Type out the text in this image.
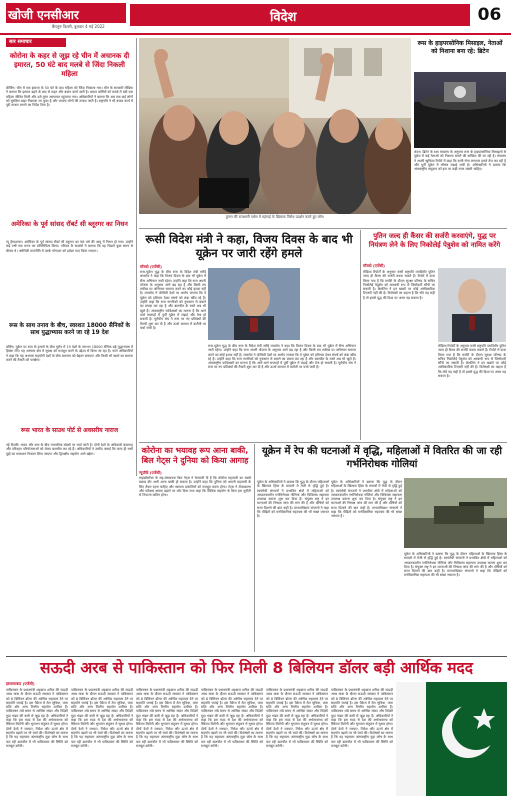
खोजी एनसीआर
बैंगलुरु दिल्ली, बुधवार 4 मई 2022
विदेश	06
सार समाचार
कोरोना के कहर से जूझ रहे चीन में अचानक दी इमारत, 50 घंटे बाद मलबे से जिंदा निकली महिला
बीजिंग। चीन में एक इमारत के 50 घंटे के बाद महिला को जिंदा निकाला गया। चीन के सरकारी मीडिया ने बताया कि इमारत ढहने के बाद से राहत और बचाव कार्य जारी है। बचाव कर्मियों को मलबे में दबी एक महिला जीवित मिली और उसे तुरंत अस्पताल पहुंचाया गया। अधिकारियों ने बताया कि अब तक कई लोगों को सुरक्षित बाहर निकाला जा चुका है और लापता लोगों की तलाश जारी है। राष्ट्रपति ने भी बचाव कार्य में पूरी ताकत लगाने का निर्देश दिया है।
अमेरिका के पूर्व सांसद रॉबर्ट सी ब्लूरगर का निधन
न्यू हैम्पशायर। अमेरिका के पूर्व सांसद रॉबर्ट सी ब्लूरगर का 98 वर्ष की आयु में निधन हो गया। उन्होंने कई वर्षों तक राज्य का प्रतिनिधित्व किया। परिवार के सदस्यों ने बताया कि वह पिछले कुछ समय से बीमार थे। अमेरिकी राजनीति में उनके योगदान को हमेशा याद किया जाएगा।
रूस के साथ तनाव के बीच, स्वरशत 18000 सैनिकों के साथ युद्धाभ्यास करने जा रहे 19 देश
बर्लिन। यूक्रेन पर रूस के हमलों के बीच यूरोप में 19 देशों के लगभग 18000 सैनिक बड़े युद्धाभ्यास में हिस्सा लेंगे। यह अभ्यास क्षेत्र में सुरक्षा को मजबूत करने के उद्देश्य से किया जा रहा है। नाटो अधिकारियों ने कहा कि यह अभ्यास सहयोगी देशों के बीच समन्वय को बेहतर बनाएगा और किसी भी खतरे का सामना करने की तैयारी को परखेगा।
रूस भारत के साउथ पोर्ट से अवसरीय नाराज
नई दिल्ली। भारत और रूस के बीच व्यापारिक संबंधों पर चर्चा जारी है। दोनों देशों के अधिकारी बंदरगाह और परिवहन परियोजनाओं को लेकर बातचीत कर रहे हैं। अधिकारियों ने उम्मीद जताई कि जल्द ही सभी मुद्दों का समाधान निकाल लिया जाएगा और द्विपक्षीय सहयोग आगे बढ़ेगा।
यूनान की राजधानी एथेंस में महंगाई के खिलाफ विरोध प्रदर्शन करते हुए लोग।
रूस के हाइपरसोनिक मिसाइल, नेताओं को निशाना बना रहे: ब्रिटेन
लंदन। ब्रिटेन के रक्षा मंत्रालय के अनुसार रूस के हाइपरसोनिक मिसाइलों से यूक्रेन में कई नेताओं को निशाना बनाने की कोशिश की जा रही है। मंत्रालय ने अपनी खुफिया रिपोर्ट में कहा कि रूसी सेना लगातार हमले तेज कर रही है और पूर्वी यूक्रेन में भीषण लड़ाई जारी है। अधिकारियों ने बताया कि अंतरराष्ट्रीय समुदाय को इस पर कड़ी नजर रखनी चाहिए।
रूसी विदेश मंत्री ने कहा, विजय दिवस के बाद भी यूक्रेन पर जारी रहेंगे हमले
मॉस्को (एजेंसी)
रूस-यूक्रेन युद्ध के बीच रूस के विदेश मंत्री सर्गेई लावरोव ने कहा कि विजय दिवस के बाद भी यूक्रेन में सैन्य अभियान जारी रहेगा। उन्होंने कहा कि रूस अपनी योजना के अनुसार आगे बढ़ रहा है और किसी तय तारीख पर अभियान समाप्त करने का कोई इरादा नहीं है। लावरोव ने पश्चिमी देशों पर आरोप लगाया कि वे यूक्रेन को हथियार देकर संघर्ष को लंबा खींच रहे हैं। उन्होंने कहा कि रूस नागरिकों को नुकसान से बचाने का प्रयास कर रहा है और बातचीत के रास्ते अब भी खुले हैं। अंतरराष्ट्रीय पर्यवेक्षकों का मानना है कि आने वाले सप्ताहों में पूर्वी यूक्रेन में लड़ाई और तेज हो सकती है। यूरोपीय संघ ने रूस पर नए प्रतिबंधों की तैयारी शुरू कर दी है और ऊर्जा आयात में कटौती पर चर्चा जारी है।
रूस-यूक्रेन युद्ध के बीच रूस के विदेश मंत्री सर्गेई लावरोव ने कहा कि विजय दिवस के बाद भी यूक्रेन में सैन्य अभियान जारी रहेगा। उन्होंने कहा कि रूस अपनी योजना के अनुसार आगे बढ़ रहा है और किसी तय तारीख पर अभियान समाप्त करने का कोई इरादा नहीं है। लावरोव ने पश्चिमी देशों पर आरोप लगाया कि वे यूक्रेन को हथियार देकर संघर्ष को लंबा खींच रहे हैं। उन्होंने कहा कि रूस नागरिकों को नुकसान से बचाने का प्रयास कर रहा है और बातचीत के रास्ते अब भी खुले हैं। अंतरराष्ट्रीय पर्यवेक्षकों का मानना है कि आने वाले सप्ताहों में पूर्वी यूक्रेन में लड़ाई और तेज हो सकती है। यूरोपीय संघ ने रूस पर नए प्रतिबंधों की तैयारी शुरू कर दी है और ऊर्जा आयात में कटौती पर चर्चा जारी है।
पुतिन जल्द ही कैंसर की सर्जरी करवाएंगे, युद्ध पर नियंत्रण लेने के लिए निकोलेई पेत्रुशेव को नामित करेंगे
मॉस्को (एजेंसी)
मीडिया रिपोर्टों के अनुसार रूसी राष्ट्रपति व्लादिमीर पुतिन जल्द ही कैंसर की सर्जरी करवा सकते हैं। रिपोर्ट में दावा किया गया है कि सर्जरी के दौरान सुरक्षा परिषद के सचिव निकोलेई पेत्रुशेव को अस्थायी रूप से जिम्मेदारी सौंपी जा सकती है। क्रेमलिन ने इन खबरों पर कोई आधिकारिक टिप्पणी नहीं की है। विशेषज्ञों का कहना है कि यदि यह सही है तो इससे युद्ध की दिशा पर असर पड़ सकता है।
मीडिया रिपोर्टों के अनुसार रूसी राष्ट्रपति व्लादिमीर पुतिन जल्द ही कैंसर की सर्जरी करवा सकते हैं। रिपोर्ट में दावा किया गया है कि सर्जरी के दौरान सुरक्षा परिषद के सचिव निकोलेई पेत्रुशेव को अस्थायी रूप से जिम्मेदारी सौंपी जा सकती है। क्रेमलिन ने इन खबरों पर कोई आधिकारिक टिप्पणी नहीं की है। विशेषज्ञों का कहना है कि यदि यह सही है तो इससे युद्ध की दिशा पर असर पड़ सकता है।
कोरोना का भयावह रूप आना बाकी, बिल गेट्स ने दुनिया को किया आगाह
न्यूयॉर्क (एजेंसी)
माइक्रोसॉफ्ट के सह-संस्थापक बिल गेट्स ने चेतावनी दी है कि कोरोना महामारी का सबसे खराब दौर अभी आना बाकी हो सकता है। उन्होंने कहा कि दुनिया को अगली महामारी के लिए तैयार रहना चाहिए और स्वास्थ्य प्रणालियों को मजबूत करना होगा। गेट्स ने टीकाकरण और परीक्षण क्षमता बढ़ाने पर जोर दिया तथा कहा कि वैश्विक सहयोग के बिना इस चुनौती से निपटना कठिन होगा।
यूक्रेन में रेप की घटनाओं में वृद्धि, महिलाओं में वितरित की जा रही गर्भनिरोधक गोलियां
यूक्रेन के अधिकारियों ने बताया कि युद्ध के दौरान महिलाओं के खिलाफ हिंसा के मामलों में तेजी से वृद्धि हुई है। स्वयंसेवी संगठनों ने प्रभावित क्षेत्रों में महिलाओं को आपातकालीन गर्भनिरोधक गोलियां और चिकित्सा सहायता उपलब्ध कराना शुरू कर दिया है। संयुक्त राष्ट्र ने इन घटनाओं की निष्पक्ष जांच की मांग की है और दोषियों को सजा दिलाने की बात कही है। मानवाधिकार संगठनों ने कहा कि पीड़ितों को मनोवैज्ञानिक सहायता की भी सख्त जरूरत है।
यूक्रेन के अधिकारियों ने बताया कि युद्ध के दौरान महिलाओं के खिलाफ हिंसा के मामलों में तेजी से वृद्धि हुई है। स्वयंसेवी संगठनों ने प्रभावित क्षेत्रों में महिलाओं को आपातकालीन गर्भनिरोधक गोलियां और चिकित्सा सहायता उपलब्ध कराना शुरू कर दिया है। संयुक्त राष्ट्र ने इन घटनाओं की निष्पक्ष जांच की मांग की है और दोषियों को सजा दिलाने की बात कही है। मानवाधिकार संगठनों ने कहा कि पीड़ितों को मनोवैज्ञानिक सहायता की भी सख्त जरूरत है।
यूक्रेन के अधिकारियों ने बताया कि युद्ध के दौरान महिलाओं के खिलाफ हिंसा के मामलों में तेजी से वृद्धि हुई है। स्वयंसेवी संगठनों ने प्रभावित क्षेत्रों में महिलाओं को आपातकालीन गर्भनिरोधक गोलियां और चिकित्सा सहायता उपलब्ध कराना शुरू कर दिया है। संयुक्त राष्ट्र ने इन घटनाओं की निष्पक्ष जांच की मांग की है और दोषियों को सजा दिलाने की बात कही है। मानवाधिकार संगठनों ने कहा कि पीड़ितों को मनोवैज्ञानिक सहायता की भी सख्त जरूरत है।
सऊदी अरब से पाकिस्तान को फिर मिली 8 बिलियन डॉलर बड़ी आर्थिक मदद
इस्लामाबाद (एजेंसी)
पाकिस्तान के प्रधानमंत्री शहबाज शरीफ की सऊदी अरब यात्रा के दौरान सऊदी सरकार ने पाकिस्तान को 8 बिलियन डॉलर की आर्थिक सहायता देने पर सहमति जताई है। इस पैकेज में तेल सुविधा, जमा राशि और अन्य वित्तीय सहयोग शामिल हैं। पाकिस्तान लंबे समय से आर्थिक संकट और विदेशी मुद्रा भंडार की कमी से जूझ रहा है। अधिकारियों ने कहा कि इस मदद से देश की अर्थव्यवस्था को स्थिरता मिलेगी और भुगतान संतुलन में सुधार होगा। दोनों देशों ने व्यापार, निवेश और ऊर्जा क्षेत्र में सहयोग बढ़ाने पर भी चर्चा की। विशेषज्ञों का मानना है कि यह सहायता अंतरराष्ट्रीय मुद्रा कोष के साथ चल रही बातचीत में भी पाकिस्तान की स्थिति को मजबूत करेगी।
पाकिस्तान के प्रधानमंत्री शहबाज शरीफ की सऊदी अरब यात्रा के दौरान सऊदी सरकार ने पाकिस्तान को 8 बिलियन डॉलर की आर्थिक सहायता देने पर सहमति जताई है। इस पैकेज में तेल सुविधा, जमा राशि और अन्य वित्तीय सहयोग शामिल हैं। पाकिस्तान लंबे समय से आर्थिक संकट और विदेशी मुद्रा भंडार की कमी से जूझ रहा है। अधिकारियों ने कहा कि इस मदद से देश की अर्थव्यवस्था को स्थिरता मिलेगी और भुगतान संतुलन में सुधार होगा। दोनों देशों ने व्यापार, निवेश और ऊर्जा क्षेत्र में सहयोग बढ़ाने पर भी चर्चा की। विशेषज्ञों का मानना है कि यह सहायता अंतरराष्ट्रीय मुद्रा कोष के साथ चल रही बातचीत में भी पाकिस्तान की स्थिति को मजबूत करेगी।
पाकिस्तान के प्रधानमंत्री शहबाज शरीफ की सऊदी अरब यात्रा के दौरान सऊदी सरकार ने पाकिस्तान को 8 बिलियन डॉलर की आर्थिक सहायता देने पर सहमति जताई है। इस पैकेज में तेल सुविधा, जमा राशि और अन्य वित्तीय सहयोग शामिल हैं। पाकिस्तान लंबे समय से आर्थिक संकट और विदेशी मुद्रा भंडार की कमी से जूझ रहा है। अधिकारियों ने कहा कि इस मदद से देश की अर्थव्यवस्था को स्थिरता मिलेगी और भुगतान संतुलन में सुधार होगा। दोनों देशों ने व्यापार, निवेश और ऊर्जा क्षेत्र में सहयोग बढ़ाने पर भी चर्चा की। विशेषज्ञों का मानना है कि यह सहायता अंतरराष्ट्रीय मुद्रा कोष के साथ चल रही बातचीत में भी पाकिस्तान की स्थिति को मजबूत करेगी।
पाकिस्तान के प्रधानमंत्री शहबाज शरीफ की सऊदी अरब यात्रा के दौरान सऊदी सरकार ने पाकिस्तान को 8 बिलियन डॉलर की आर्थिक सहायता देने पर सहमति जताई है। इस पैकेज में तेल सुविधा, जमा राशि और अन्य वित्तीय सहयोग शामिल हैं। पाकिस्तान लंबे समय से आर्थिक संकट और विदेशी मुद्रा भंडार की कमी से जूझ रहा है। अधिकारियों ने कहा कि इस मदद से देश की अर्थव्यवस्था को स्थिरता मिलेगी और भुगतान संतुलन में सुधार होगा। दोनों देशों ने व्यापार, निवेश और ऊर्जा क्षेत्र में सहयोग बढ़ाने पर भी चर्चा की। विशेषज्ञों का मानना है कि यह सहायता अंतरराष्ट्रीय मुद्रा कोष के साथ चल रही बातचीत में भी पाकिस्तान की स्थिति को मजबूत करेगी।
पाकिस्तान के प्रधानमंत्री शहबाज शरीफ की सऊदी अरब यात्रा के दौरान सऊदी सरकार ने पाकिस्तान को 8 बिलियन डॉलर की आर्थिक सहायता देने पर सहमति जताई है। इस पैकेज में तेल सुविधा, जमा राशि और अन्य वित्तीय सहयोग शामिल हैं। पाकिस्तान लंबे समय से आर्थिक संकट और विदेशी मुद्रा भंडार की कमी से जूझ रहा है। अधिकारियों ने कहा कि इस मदद से देश की अर्थव्यवस्था को स्थिरता मिलेगी और भुगतान संतुलन में सुधार होगा। दोनों देशों ने व्यापार, निवेश और ऊर्जा क्षेत्र में सहयोग बढ़ाने पर भी चर्चा की। विशेषज्ञों का मानना है कि यह सहायता अंतरराष्ट्रीय मुद्रा कोष के साथ चल रही बातचीत में भी पाकिस्तान की स्थिति को मजबूत करेगी।
पाकिस्तान के प्रधानमंत्री शहबाज शरीफ की सऊदी अरब यात्रा के दौरान सऊदी सरकार ने पाकिस्तान को 8 बिलियन डॉलर की आर्थिक सहायता देने पर सहमति जताई है। इस पैकेज में तेल सुविधा, जमा राशि और अन्य वित्तीय सहयोग शामिल हैं। पाकिस्तान लंबे समय से आर्थिक संकट और विदेशी मुद्रा भंडार की कमी से जूझ रहा है। अधिकारियों ने कहा कि इस मदद से देश की अर्थव्यवस्था को स्थिरता मिलेगी और भुगतान संतुलन में सुधार होगा। दोनों देशों ने व्यापार, निवेश और ऊर्जा क्षेत्र में सहयोग बढ़ाने पर भी चर्चा की। विशेषज्ञों का मानना है कि यह सहायता अंतरराष्ट्रीय मुद्रा कोष के साथ चल रही बातचीत में भी पाकिस्तान की स्थिति को मजबूत करेगी।
